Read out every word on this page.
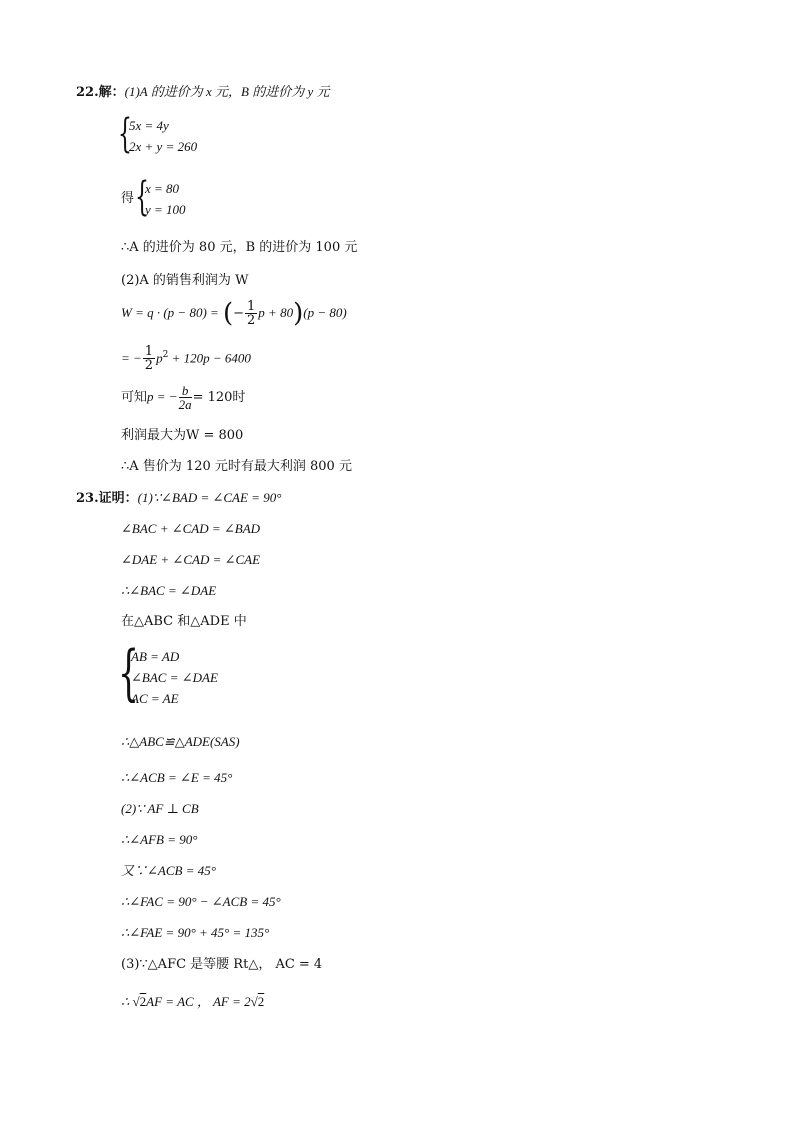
22.解：(1)A 的进价为 x 元，B 的进价为 y 元
{
5x = 4y
2x + y = 260
得 {
x = 80
y = 100
∴A 的进价为 80 元，B 的进价为 100 元
(2)A 的销售利润为 W
W = q · (p − 80) = (− $\frac{1}{2}$ p + 80)(p − 80)
= − $\frac{1}{2} p^2 + 120p - 6400$
可知p = − $\frac{b}{2a} = 120$时
利润最大为W = 800
∴A 售价为 120 元时有最大利润 800 元
23.证明：(1)∵∠BAD = ∠CAE = 90°
∠BAC + ∠CAD = ∠BAD
∠DAE + ∠CAD = ∠CAE
∴∠BAC = ∠DAE
在△ABC 和△ADE 中
{
AB = AD
∠BAC = ∠DAE
AC = AE
∴△ABC≌△ADE(SAS)
∴∠ACB = ∠E = 45°
(2)∵ AF ⊥ CB
∴∠AFB = 90°
又∵∠ACB = 45°
∴∠FAC = 90° − ∠ACB = 45°
∴∠FAE = 90° + 45° = 135°
(3)∵△AFC 是等腰 Rt△， AC = 4
∴ √2AF = AC ， AF = 2√2
